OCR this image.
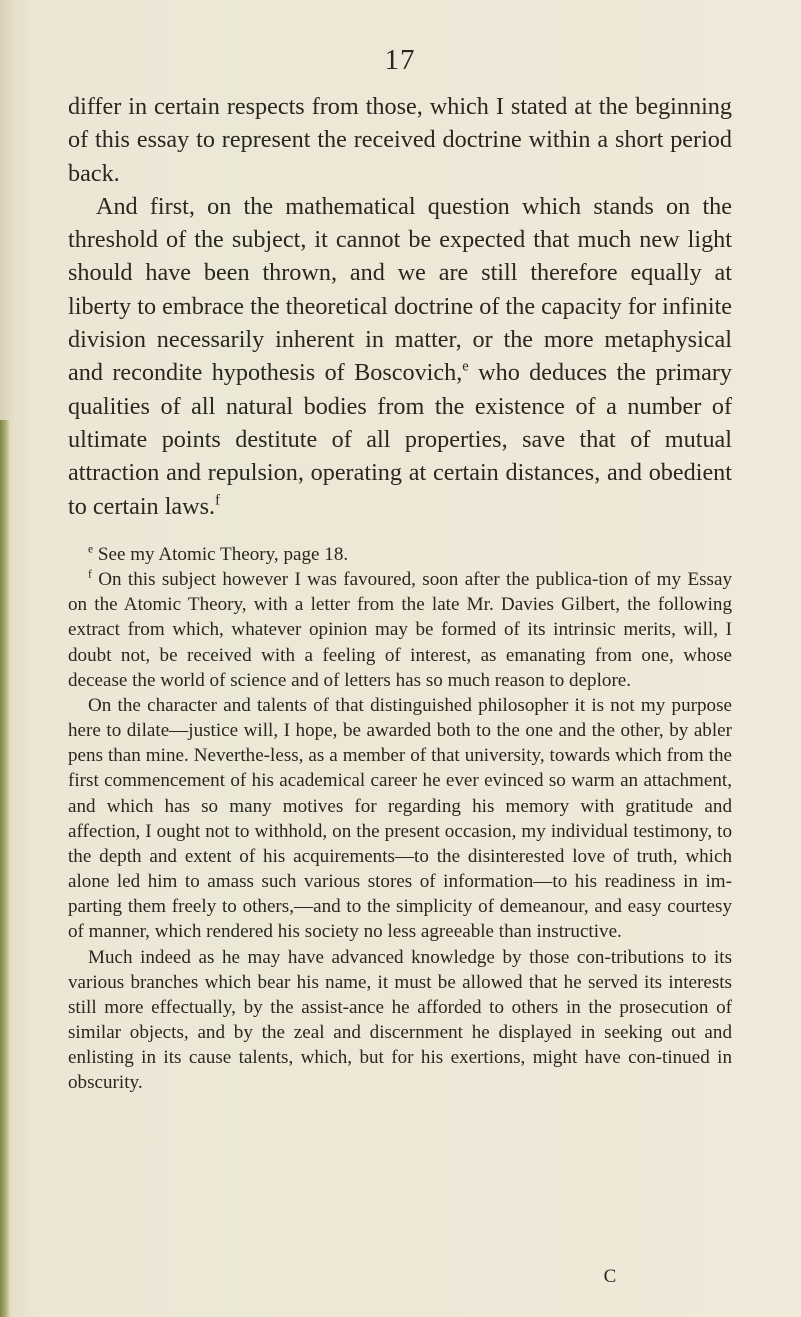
17

differ in certain respects from those, which I stated at the beginning of this essay to represent the received doctrine within a short period back.

And first, on the mathematical question which stands on the threshold of the subject, it cannot be expected that much new light should have been thrown, and we are still therefore equally at liberty to embrace the theoretical doctrine of the capacity for infinite division necessarily inherent in matter, or the more metaphysical and recondite hypothesis of Boscovich,$^e$ who deduces the primary qualities of all natural bodies from the existence of a number of ultimate points destitute of all properties, save that of mutual attraction and repulsion, operating at certain distances, and obedient to certain laws.$^f$

$^e$ See my Atomic Theory, page 18.

$^f$ On this subject however I was favoured, soon after the publica-tion of my Essay on the Atomic Theory, with a letter from the late Mr. Davies Gilbert, the following extract from which, whatever opinion may be formed of its intrinsic merits, will, I doubt not, be received with a feeling of interest, as emanating from one, whose decease the world of science and of letters has so much reason to deplore.

On the character and talents of that distinguished philosopher it is not my purpose here to dilate—justice will, I hope, be awarded both to the one and the other, by abler pens than mine. Neverthe-less, as a member of that university, towards which from the first commencement of his academical career he ever evinced so warm an attachment, and which has so many motives for regarding his memory with gratitude and affection, I ought not to withhold, on the present occasion, my individual testimony, to the depth and extent of his acquirements—to the disinterested love of truth, which alone led him to amass such various stores of information—to his readiness in im-parting them freely to others,—and to the simplicity of demeanour, and easy courtesy of manner, which rendered his society no less agreeable than instructive.

Much indeed as he may have advanced knowledge by those con-tributions to its various branches which bear his name, it must be allowed that he served its interests still more effectually, by the assist-ance he afforded to others in the prosecution of similar objects, and by the zeal and discernment he displayed in seeking out and enlisting in its cause talents, which, but for his exertions, might have con-tinued in obscurity.

C
